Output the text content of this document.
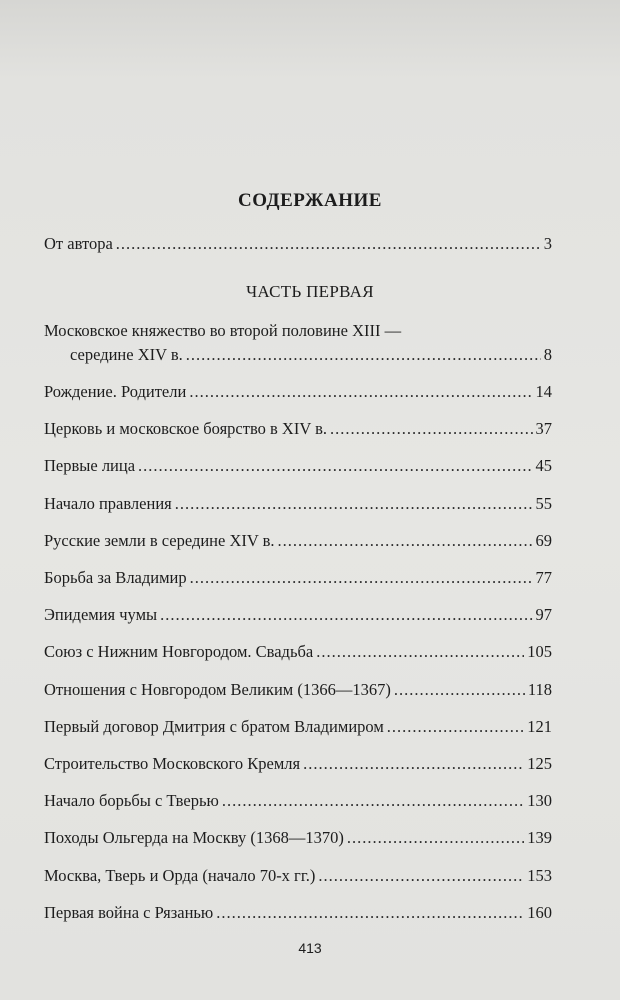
СОДЕРЖАНИЕ
От автора .....	3
ЧАСТЬ ПЕРВАЯ
Московское княжество во второй половине XIII —
середине XIV в. .....	8
Рождение. Родители .....	14
Церковь и московское боярство в XIV в. .....	37
Первые лица .....	45
Начало правления .....	55
Русские земли в середине XIV в. .....	69
Борьба за Владимир .....	77
Эпидемия чумы .....	97
Союз с Нижним Новгородом. Свадьба .....	105
Отношения с Новгородом Великим (1366—1367) .....	118
Первый договор Дмитрия с братом Владимиром .....	121
Строительство Московского Кремля .....	125
Начало борьбы с Тверью .....	130
Походы Ольгерда на Москву (1368—1370) .....	139
Москва, Тверь и Орда (начало 70-х гг.) .....	153
Первая война с Рязанью .....	160
413
